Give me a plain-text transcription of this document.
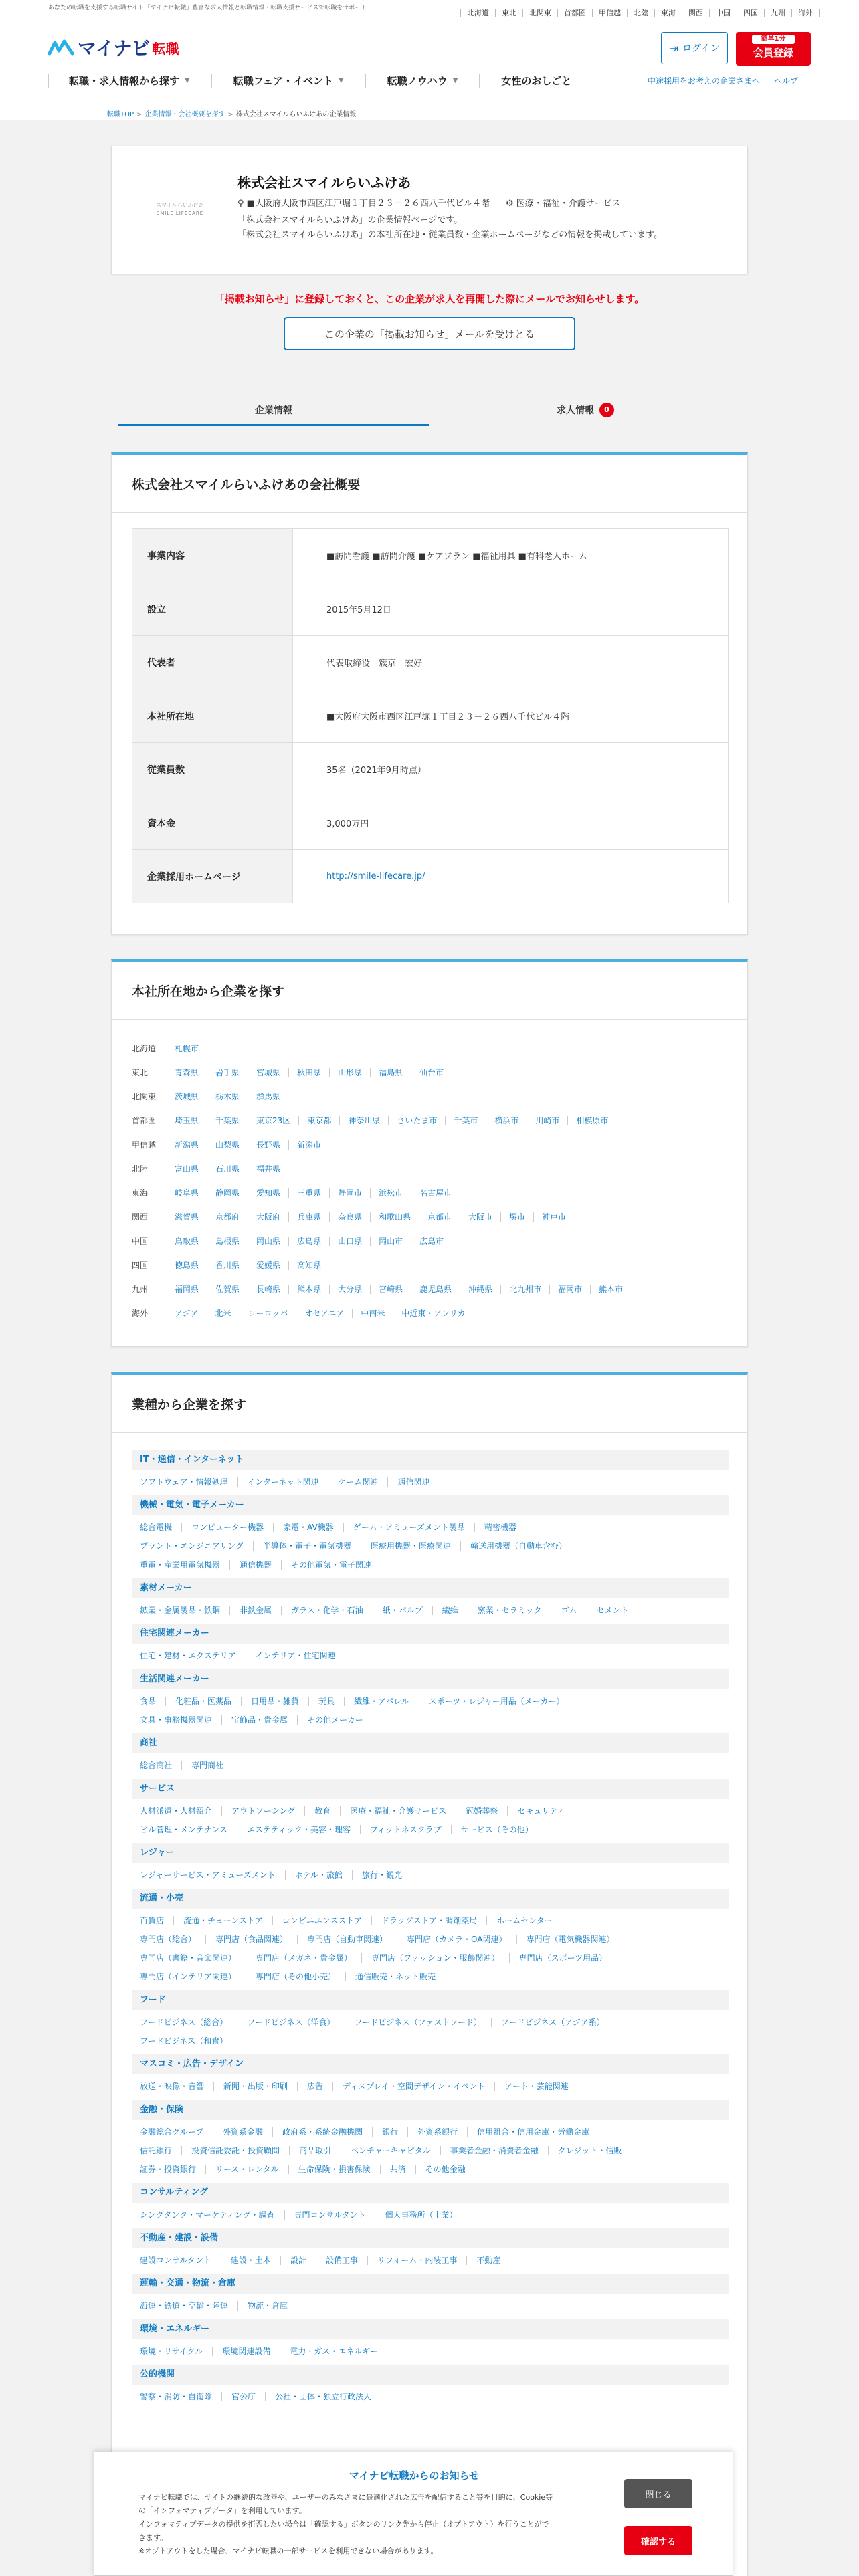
あなたの転職を支援する転職サイト「マイナビ転職」豊富な求人情報と転職情報・転職支援サービスで転職をサポート
北海道	東北	北関東	首都圏	甲信越	北陸	東海	関西	中国	四国	九州	海外
マイナビ 転職	⇥ ログイン
簡単1分
会員登録
転職・求人情報から探す ▼	転職フェア・イベント ▼	転職ノウハウ ▼	女性のおしごと	中途採用をお考えの企業さまへ	ヘルプ
転職TOP > 企業情報・会社概要を探す > 株式会社スマイルらいふけあの企業情報
スマイルらいふけあ
SMILE LIFECARE
株式会社スマイルらいふけあ
⚲ ■大阪府大阪市西区江戸堀１丁目２３－２６西八千代ビル４階 ⚙ 医療・福祉・介護サービス
「株式会社スマイルらいふけあ」の企業情報ページです。
「株式会社スマイルらいふけあ」の本社所在地・従業員数・企業ホームページなどの情報を掲載しています。
「掲載お知らせ」に登録しておくと、この企業が求人を再開した際にメールでお知らせします。
この企業の「掲載お知らせ」メールを受けとる
企業情報	求人情報	0
株式会社スマイルらいふけあの会社概要
事業内容	■訪問看護 ■訪問介護 ■ケアプラン ■福祉用具 ■有料老人ホーム
設立	2015年5月12日
代表者	代表取締役　簇京　宏好
本社所在地	■大阪府大阪市西区江戸堀１丁目２３－２６西八千代ビル４階
従業員数	35名（2021年9月時点）
資本金	3,000万円
企業採用ホームページ	http://smile-lifecare.jp/
本社所在地から企業を探す
北海道	札幌市
東北	青森県	岩手県	宮城県	秋田県	山形県	福島県	仙台市
北関東	茨城県	栃木県	群馬県
首都圏	埼玉県	千葉県	東京23区	東京都	神奈川県	さいたま市	千葉市	横浜市	川崎市	相模原市
甲信越	新潟県	山梨県	長野県	新潟市
北陸	富山県	石川県	福井県
東海	岐阜県	静岡県	愛知県	三重県	静岡市	浜松市	名古屋市
関西	滋賀県	京都府	大阪府	兵庫県	奈良県	和歌山県	京都市	大阪市	堺市	神戸市
中国	鳥取県	島根県	岡山県	広島県	山口県	岡山市	広島市
四国	徳島県	香川県	愛媛県	高知県
九州	福岡県	佐賀県	長崎県	熊本県	大分県	宮崎県	鹿児島県	沖縄県	北九州市	福岡市	熊本市
海外	アジア	北米	ヨーロッパ	オセアニア	中南米	中近東・アフリカ
業種から企業を探す
IT・通信・インターネット
ソフトウェア・情報処理	インターネット関連	ゲーム関連	通信関連
機械・電気・電子メーカー
総合電機	コンピューター機器	家電・AV機器	ゲーム・アミューズメント製品	精密機器
プラント・エンジニアリング	半導体・電子・電気機器	医療用機器・医療関連	輸送用機器（自動車含む）
重電・産業用電気機器	通信機器	その他電気・電子関連
素材メーカー
鉱業・金属製品・鉄鋼	非鉄金属	ガラス・化学・石油	紙・パルプ	繊維	窯業・セラミック	ゴム	セメント
住宅関連メーカー
住宅・建材・エクステリア	インテリア・住宅関連
生活関連メーカー
食品	化粧品・医薬品	日用品・雑貨	玩具	繊維・アパレル	スポーツ・レジャー用品（メーカー）
文具・事務機器関連	宝飾品・貴金属	その他メーカー
商社
総合商社	専門商社
サービス
人材派遣・人材紹介	アウトソーシング	教育	医療・福祉・介護サービス	冠婚葬祭	セキュリティ
ビル管理・メンテナンス	エステティック・美容・理容	フィットネスクラブ	サービス（その他）
レジャー
レジャーサービス・アミューズメント	ホテル・旅館	旅行・観光
流通・小売
百貨店	流通・チェーンストア	コンビニエンスストア	ドラッグストア・調剤薬局	ホームセンター
専門店（総合）	専門店（食品関連）	専門店（自動車関連）	専門店（カメラ・OA関連）	専門店（電気機器関連）
専門店（書籍・音楽関連）	専門店（メガネ・貴金属）	専門店（ファッション・服飾関連）	専門店（スポーツ用品）
専門店（インテリア関連）	専門店（その他小売）	通信販売・ネット販売
フード
フードビジネス（総合）	フードビジネス（洋食）	フードビジネス（ファストフード）	フードビジネス（アジア系）
フードビジネス（和食）
マスコミ・広告・デザイン
放送・映像・音響	新聞・出版・印刷	広告	ディスプレイ・空間デザイン・イベント	アート・芸能関連
金融・保険
金融総合グループ	外資系金融	政府系・系統金融機関	銀行	外資系銀行	信用組合・信用金庫・労働金庫
信託銀行	投資信託委託・投資顧問	商品取引	ベンチャーキャピタル	事業者金融・消費者金融	クレジット・信販
証券・投資銀行	リース・レンタル	生命保険・損害保険	共済	その他金融
コンサルティング
シンクタンク・マーケティング・調査	専門コンサルタント	個人事務所（士業）
不動産・建設・設備
建設コンサルタント	建設・土木	設計	設備工事	リフォーム・内装工事	不動産
運輸・交通・物流・倉庫
海運・鉄道・空輸・陸運	物流・倉庫
環境・エネルギー
環境・リサイクル	環境関連設備	電力・ガス・エネルギー
公的機関
警察・消防・自衛隊	官公庁	公社・団体・独立行政法人
マイナビ転職からのお知らせ
マイナビ転職では、サイトの継続的な改善や、ユーザーのみなさまに最適化された広告を配信すること等を目的に、Cookie等の「インフォマティブデータ」を利用しています。
インフォマティブデータの提供を拒否したい場合は「確認する」ボタンのリンク先から停止（オプトアウト）を行うことができます。
※オプトアウトをした場合、マイナビ転職の一部サービスを利用できない場合があります。
閉じる
確認する
